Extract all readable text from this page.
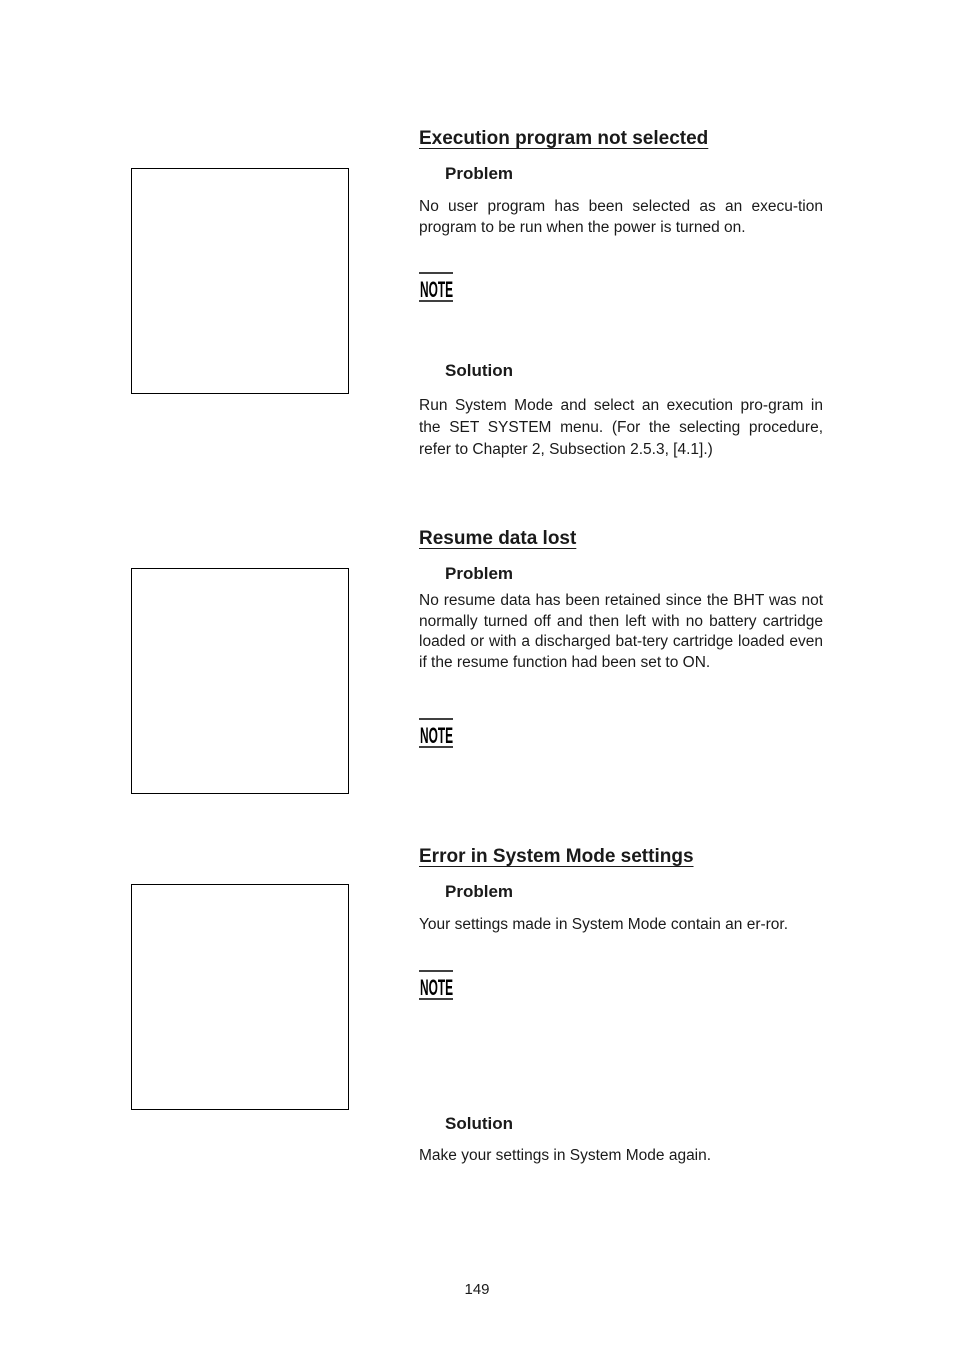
Execution program not selected
Problem

No user program has been selected as an execu-tion program to be run when the power is turned on.

NOTE
Solution

Run System Mode and select an execution pro-gram in the SET SYSTEM menu. (For the selecting procedure, refer to Chapter 2, Subsection 2.5.3, [4.1].)

Resume data lost
Problem

No resume data has been retained since the BHT was not normally turned off and then left with no battery cartridge loaded or with a discharged bat-tery cartridge loaded even if the resume function had been set to ON.

NOTE
Error in System Mode settings
Problem

Your settings made in System Mode contain an er-ror.

NOTE
Solution

Make your settings in System Mode again.

149
